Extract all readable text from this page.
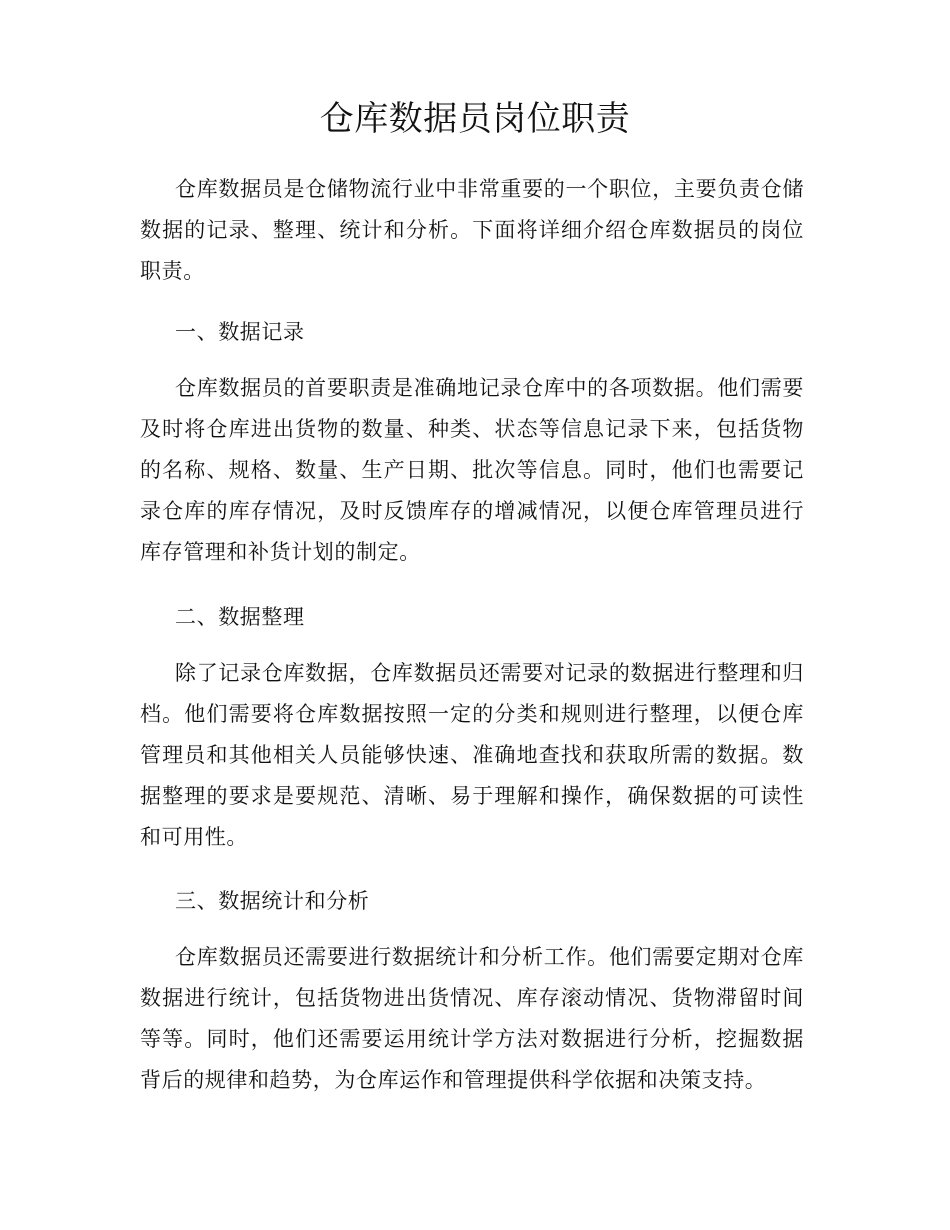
仓库数据员岗位职责

仓库数据员是仓储物流行业中非常重要的一个职位，主要负责仓储数据的记录、整理、统计和分析。下面将详细介绍仓库数据员的岗位职责。

一、数据记录

仓库数据员的首要职责是准确地记录仓库中的各项数据。他们需要及时将仓库进出货物的数量、种类、状态等信息记录下来，包括货物的名称、规格、数量、生产日期、批次等信息。同时，他们也需要记录仓库的库存情况，及时反馈库存的增减情况，以便仓库管理员进行库存管理和补货计划的制定。

二、数据整理

除了记录仓库数据，仓库数据员还需要对记录的数据进行整理和归档。他们需要将仓库数据按照一定的分类和规则进行整理，以便仓库管理员和其他相关人员能够快速、准确地查找和获取所需的数据。数据整理的要求是要规范、清晰、易于理解和操作，确保数据的可读性和可用性。

三、数据统计和分析

仓库数据员还需要进行数据统计和分析工作。他们需要定期对仓库数据进行统计，包括货物进出货情况、库存滚动情况、货物滞留时间等等。同时，他们还需要运用统计学方法对数据进行分析，挖掘数据背后的规律和趋势，为仓库运作和管理提供科学依据和决策支持。
